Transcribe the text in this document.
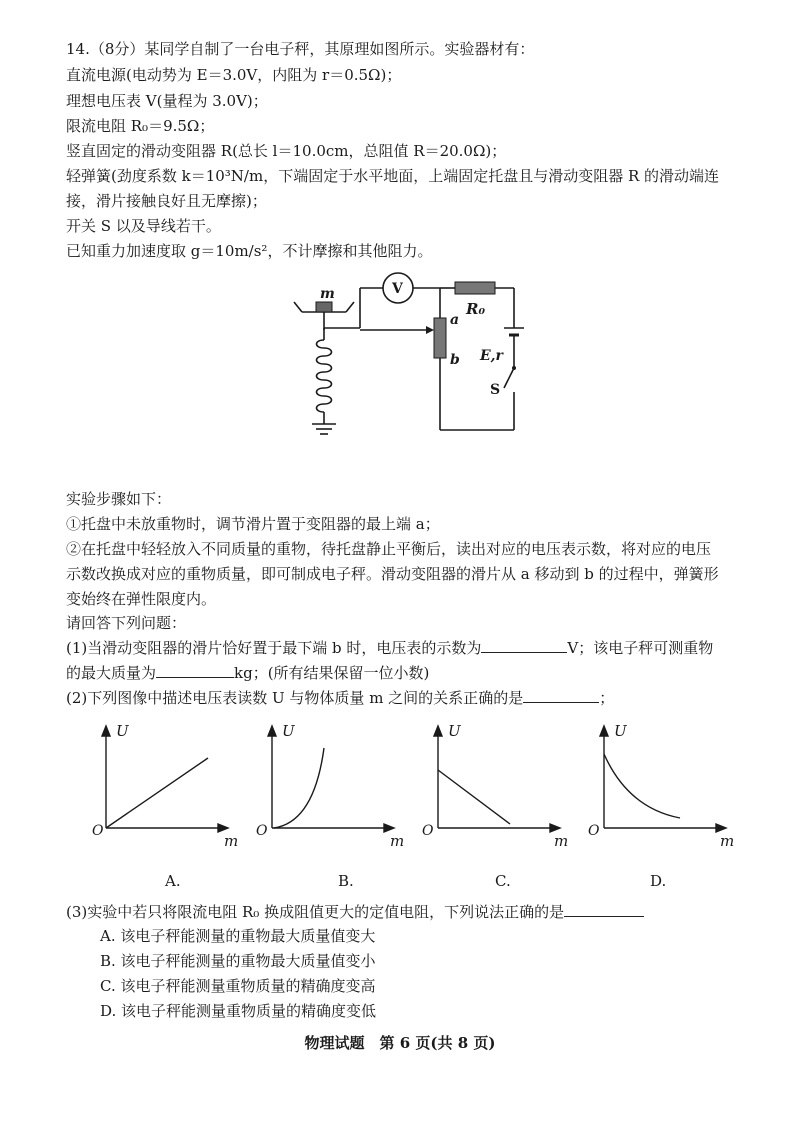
14.（8分）某同学自制了一台电子秤，其原理如图所示。实验器材有：
直流电源(电动势为 E＝3.0V，内阻为 r＝0.5Ω)；
理想电压表 V(量程为 3.0V)；
限流电阻 R₀＝9.5Ω；
竖直固定的滑动变阻器 R(总长 l＝10.0cm，总阻值 R＝20.0Ω)；
轻弹簧(劲度系数 k＝10³N/m，下端固定于水平地面，上端固定托盘且与滑动变阻器 R 的滑动端连
接，滑片接触良好且无摩擦)；
开关 S 以及导线若干。
已知重力加速度取 g＝10m/s²，不计摩擦和其他阻力。
m	V
R₀
a
b E,r
S
实验步骤如下：
①托盘中未放重物时，调节滑片置于变阻器的最上端 a；
②在托盘中轻轻放入不同质量的重物，待托盘静止平衡后，读出对应的电压表示数，将对应的电压
示数改换成对应的重物质量，即可制成电子秤。滑动变阻器的滑片从 a 移动到 b 的过程中，弹簧形
变始终在弹性限度内。
请回答下列问题：
(1)当滑动变阻器的滑片恰好置于最下端 b 时，电压表的示数为	V；该电子秤可测重物
的最大质量为	kg；(所有结果保留一位小数)
(2)下列图像中描述电压表读数 U 与物体质量 m 之间的关系正确的是	；
U
O
m
A.
U
O
m
B.
U
O
m
C.
U
O
m
D.
(3)实验中若只将限流电阻 R₀ 换成阻值更大的定值电阻，下列说法正确的是
A. 该电子秤能测量的重物最大质量值变大
B. 该电子秤能测量的重物最大质量值变小
C. 该电子秤能测量重物质量的精确度变高
D. 该电子秤能测量重物质量的精确度变低
物理试题　第 6 页(共 8 页)
